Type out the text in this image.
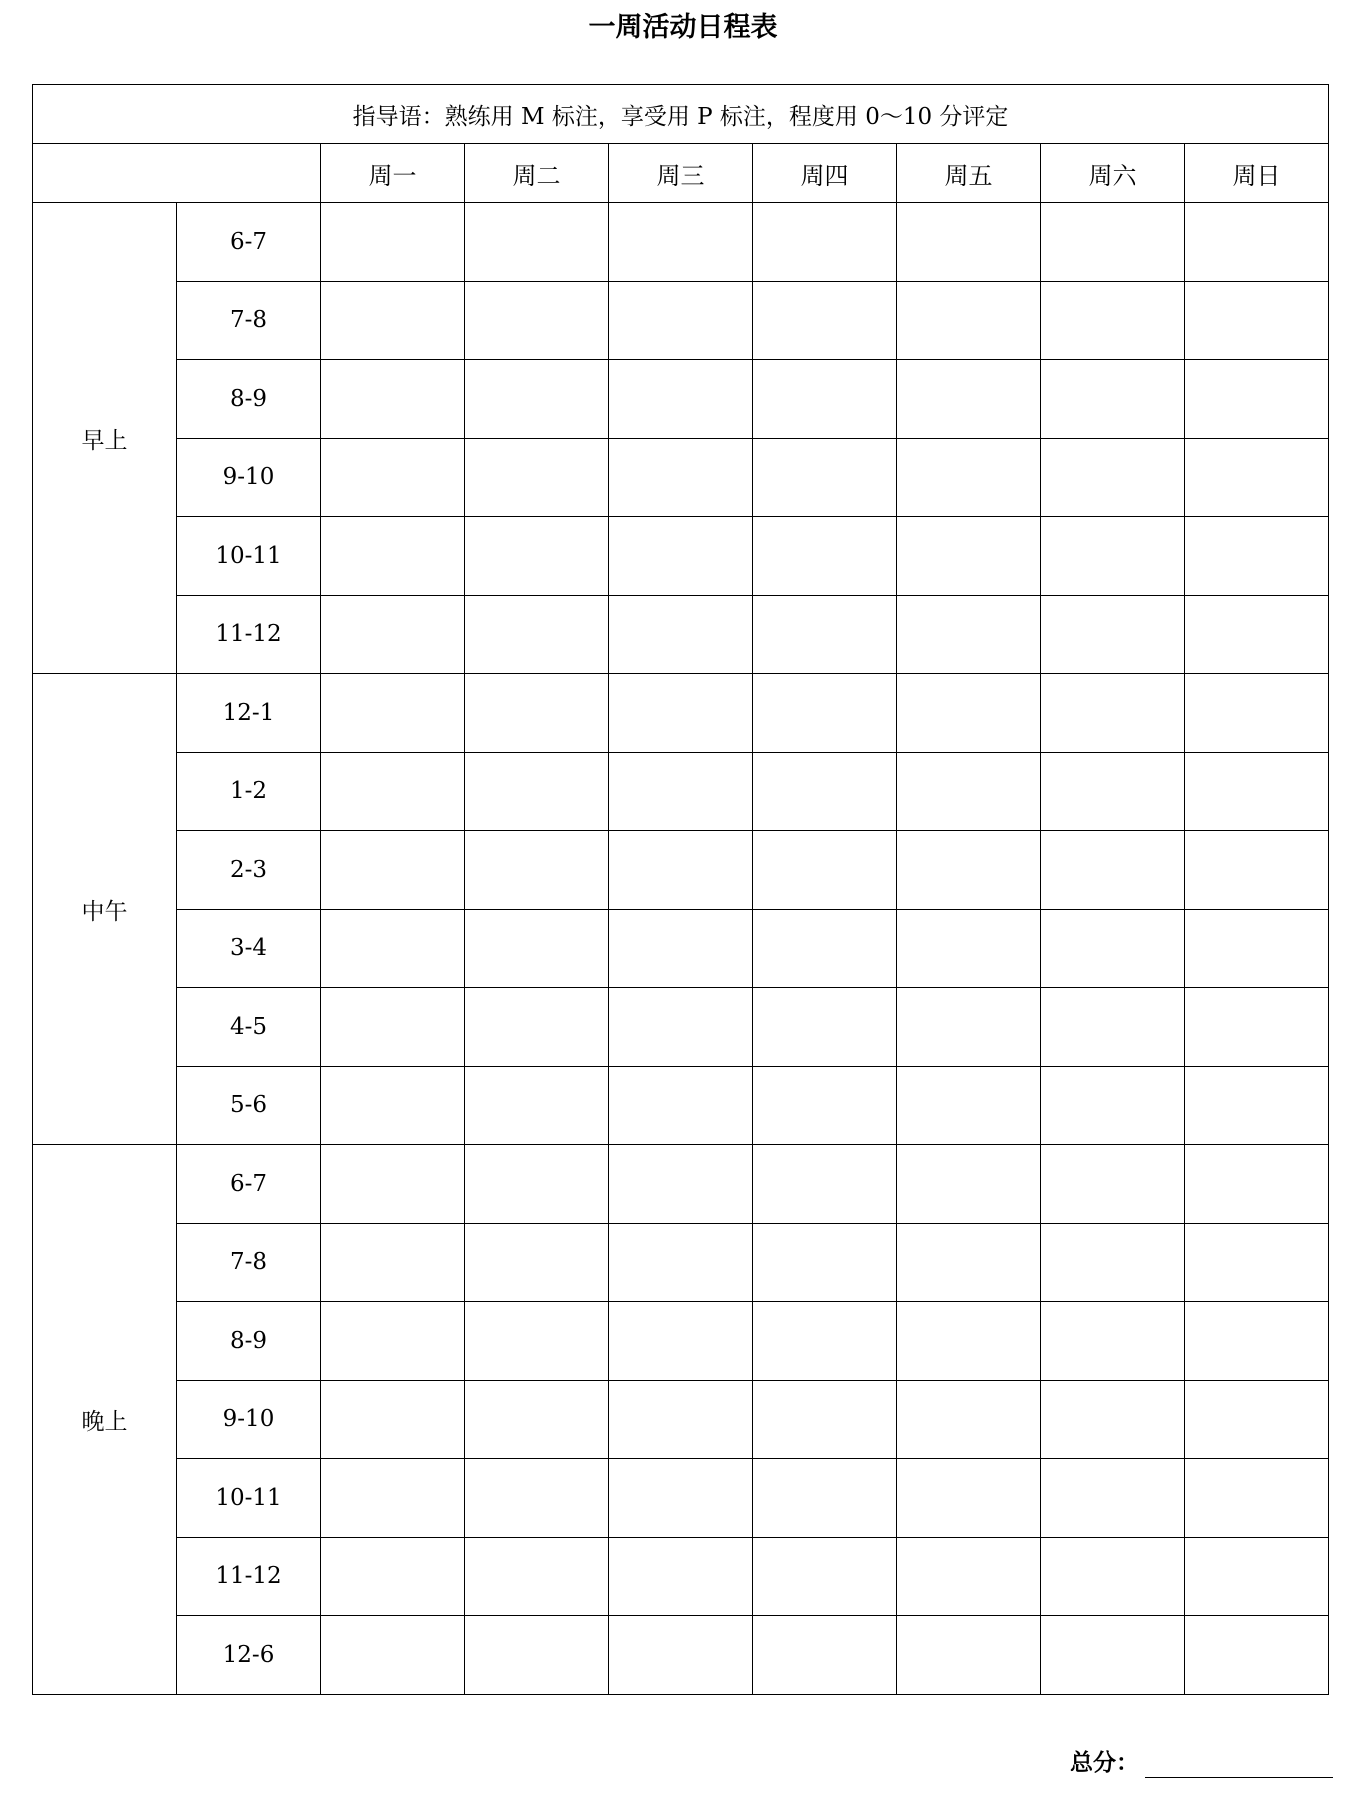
一周活动日程表
指导语：熟练用 M 标注，享受用 P 标注，程度用 0～10 分评定								
		周一	周二	周三	周四	周五	周六	周日
早上	6-7							
	7-8							
	8-9							
	9-10							
	10-11							
	11-12							
中午	12-1							
	1-2							
	2-3							
	3-4							
	4-5							
	5-6							
晚上	6-7							
	7-8							
	8-9							
	9-10							
	10-11							
	11-12							
	12-6							
总分：
